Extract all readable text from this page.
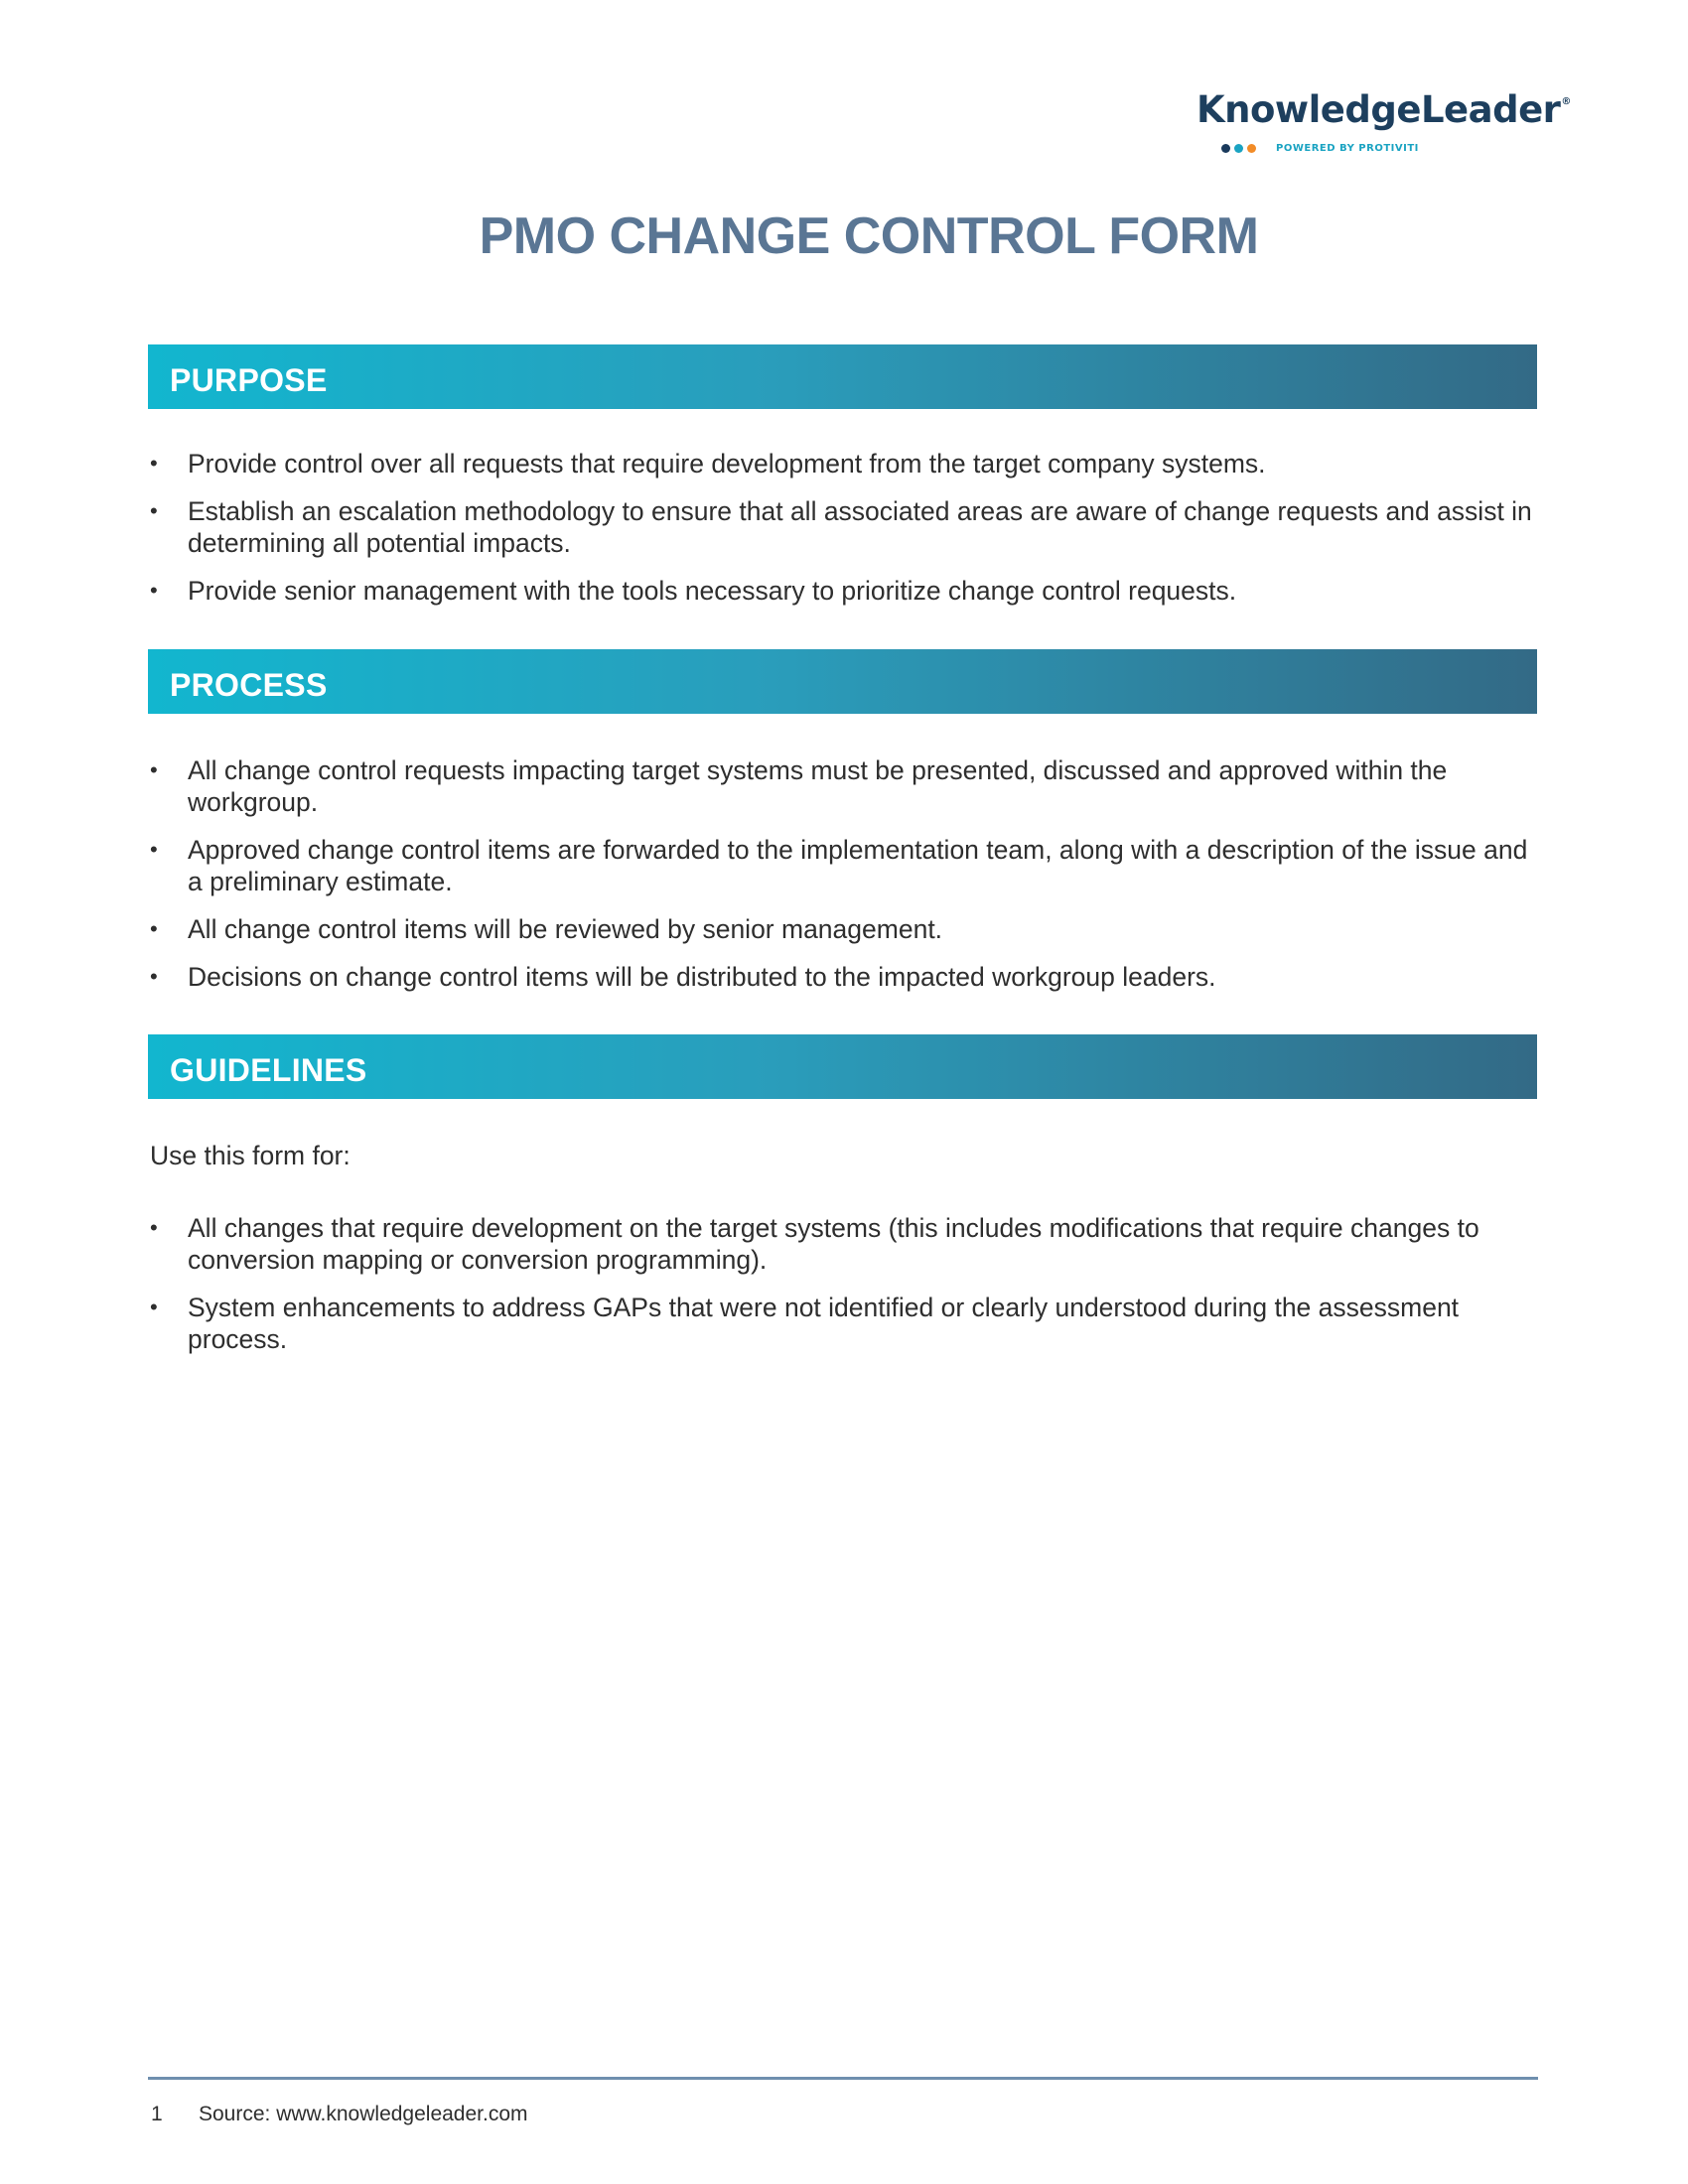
KnowledgeLeader®
POWERED BY PROTIVITI
PMO CHANGE CONTROL FORM
PURPOSE
• Provide control over all requests that require development from the target company systems.
• Establish an escalation methodology to ensure that all associated areas are aware of change requests and assist in determining all potential impacts.
• Provide senior management with the tools necessary to prioritize change control requests.
PROCESS
• All change control requests impacting target systems must be presented, discussed and approved within the workgroup.
• Approved change control items are forwarded to the implementation team, along with a description of the issue and a preliminary estimate.
• All change control items will be reviewed by senior management.
• Decisions on change control items will be distributed to the impacted workgroup leaders.
GUIDELINES
Use this form for:
• All changes that require development on the target systems (this includes modifications that require changes to conversion mapping or conversion programming).
• System enhancements to address GAPs that were not identified or clearly understood during the assessment process.
1 Source: www.knowledgeleader.com
